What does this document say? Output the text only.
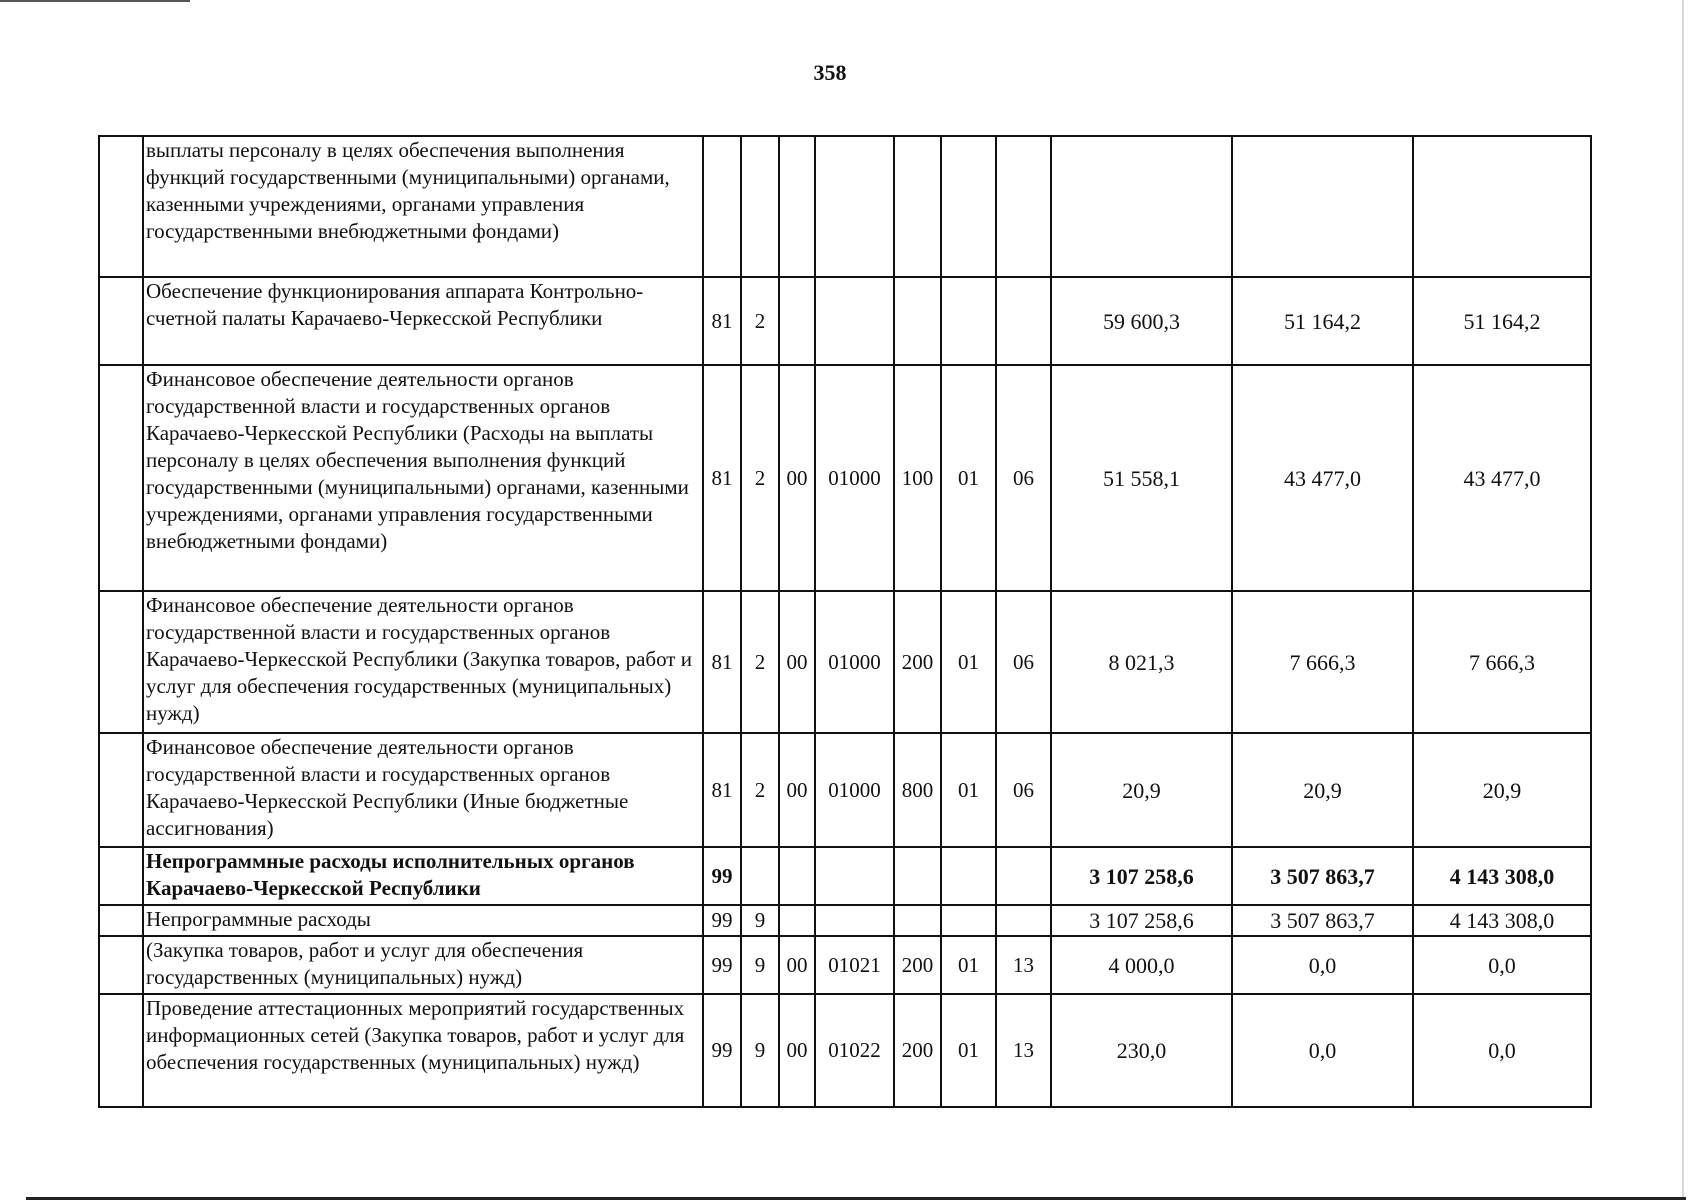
358
	выплаты персоналу в целях обеспечения выполнения функций государственными (муниципальными) органами, казенными учреждениями, органами управления государственными внебюджетными фондами)										
	Обеспечение функционирования аппарата Контрольно-счетной палаты Карачаево-Черкесской Республики	81	2						59 600,3	51 164,2	51 164,2
	Финансовое обеспечение деятельности органов государственной власти и государственных органов Карачаево-Черкесской Республики (Расходы на выплаты персоналу в целях обеспечения выполнения функций государственными (муниципальными) органами, казенными учреждениями, органами управления государственными внебюджетными фондами)	81	2	00	01000	100	01	06	51 558,1	43 477,0	43 477,0
	Финансовое обеспечение деятельности органов государственной власти и государственных органов Карачаево-Черкесской Республики (Закупка товаров, работ и услуг для обеспечения государственных (муниципальных) нужд)	81	2	00	01000	200	01	06	8 021,3	7 666,3	7 666,3
	Финансовое обеспечение деятельности органов государственной власти и государственных органов Карачаево-Черкесской Республики (Иные бюджетные ассигнования)	81	2	00	01000	800	01	06	20,9	20,9	20,9
	Непрограммные расходы исполнительных органов Карачаево-Черкесской Республики	99							3 107 258,6	3 507 863,7	4 143 308,0
	Непрограммные расходы	99	9						3 107 258,6	3 507 863,7	4 143 308,0
	(Закупка товаров, работ и услуг для обеспечения государственных (муниципальных) нужд)	99	9	00	01021	200	01	13	4 000,0	0,0	0,0
	Проведение аттестационных мероприятий государственных информационных сетей (Закупка товаров, работ и услуг для обеспечения государственных (муниципальных) нужд)	99	9	00	01022	200	01	13	230,0	0,0	0,0
